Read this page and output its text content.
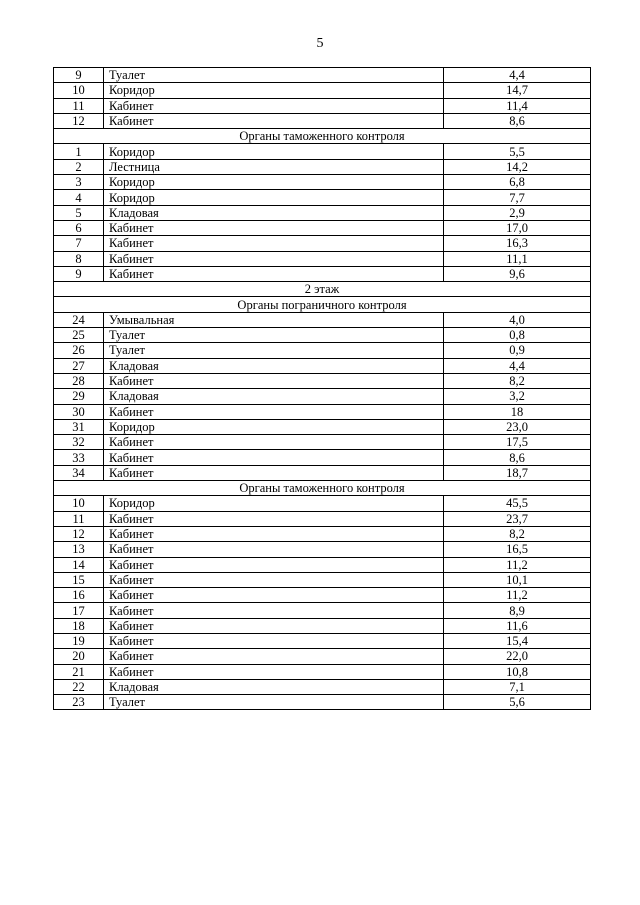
5
9	Туалет	4,4
10	Коридор	14,7
11	Кабинет	11,4
12	Кабинет	8,6
Органы таможенного контроля		
1	Коридор	5,5
2	Лестница	14,2
3	Коридор	6,8
4	Коридор	7,7
5	Кладовая	2,9
6	Кабинет	17,0
7	Кабинет	16,3
8	Кабинет	11,1
9	Кабинет	9,6
2 этаж		
Органы пограничного контроля		
24	Умывальная	4,0
25	Туалет	0,8
26	Туалет	0,9
27	Кладовая	4,4
28	Кабинет	8,2
29	Кладовая	3,2
30	Кабинет	18
31	Коридор	23,0
32	Кабинет	17,5
33	Кабинет	8,6
34	Кабинет	18,7
Органы таможенного контроля		
10	Коридор	45,5
11	Кабинет	23,7
12	Кабинет	8,2
13	Кабинет	16,5
14	Кабинет	11,2
15	Кабинет	10,1
16	Кабинет	11,2
17	Кабинет	8,9
18	Кабинет	11,6
19	Кабинет	15,4
20	Кабинет	22,0
21	Кабинет	10,8
22	Кладовая	7,1
23	Туалет	5,6
